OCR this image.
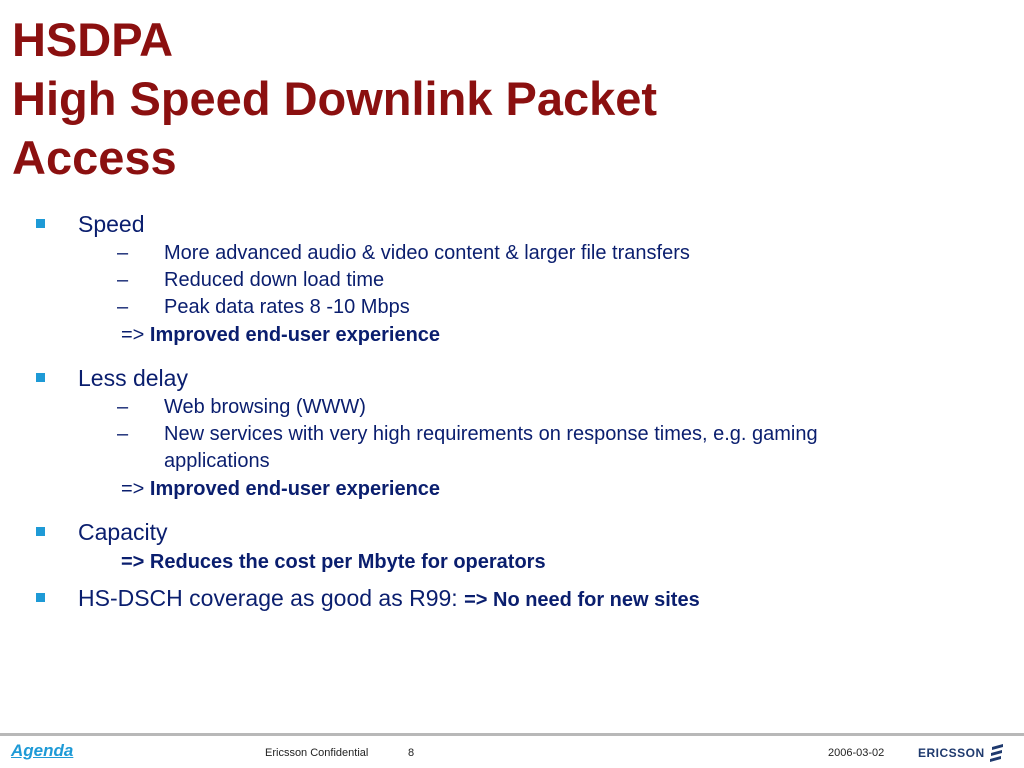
HSDPA
High Speed Downlink Packet
Access
Speed
– More advanced audio & video content & larger file transfers
– Reduced down load time
– Peak data rates 8 -10 Mbps
=> Improved end-user experience
Less delay
– Web browsing (WWW)
– New services with very high requirements on response times, e.g. gaming applications
=> Improved end-user experience
Capacity
=> Reduces the cost per Mbyte for operators
HS-DSCH coverage as good as R99: => No need for new sites
Agenda	Ericsson Confidential	8	2006-03-02	ERICSSON
